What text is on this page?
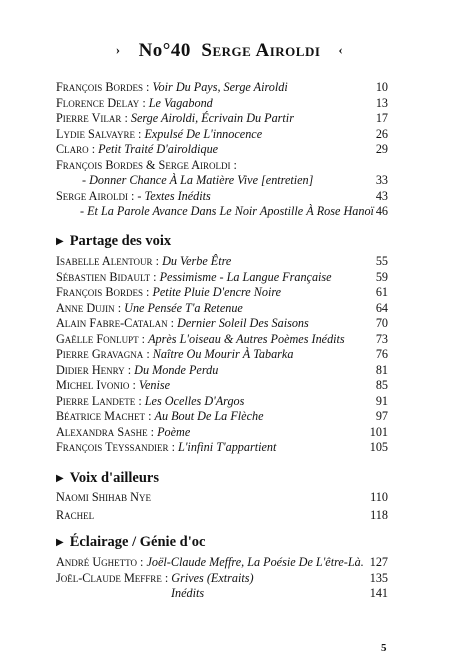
› No°40 Serge Airoldi ‹
François Bordes : Voir Du Pays, Serge Airoldi	10
Florence Delay : Le Vagabond	13
Pierre Vilar : Serge Airoldi, Écrivain Du Partir	17
Lydie Salvayre : Expulsé De L'innocence	26
Claro : Petit Traité D'airoldique	29
François Bordes & Serge Airoldi :
- Donner Chance À La Matière Vive [entretien]	33
Serge Airoldi : - Textes Inédits	43
- Et La Parole Avance Dans Le Noir Apostille À Rose Hanoï 46
▶ Partage des voix
Isabelle Alentour : Du Verbe Être	55
Sébastien Bidault : Pessimisme - La Langue Française	59
François Bordes : Petite Pluie D'encre Noire	61
Anne Dujin : Une Pensée T'a Retenue	64
Alain Fabre-Catalan : Dernier Soleil Des Saisons	70
Gaëlle Fonlupt : Après L'oiseau & Autres Poèmes Inédits	73
Pierre Gravagna : Naître Ou Mourir À Tabarka	76
Didier Henry : Du Monde Perdu	81
Michel Ivonio : Venise	85
Pierre Landete : Les Ocelles D'Argos	91
Béatrice Machet : Au Bout De La Flèche	97
Alexandra Sashe : Poème	101
François Teyssandier : L'infini T'appartient	105
▶ Voix d'ailleurs
Naomi Shihab Nye	110
Rachel	118
▶ Éclairage / Génie d'oc
André Ughetto : Joël-Claude Meffre, La Poésie De L'être-Là. 127
Joël-Claude Meffre : Grives (Extraits)	135
Inédits	141
5
